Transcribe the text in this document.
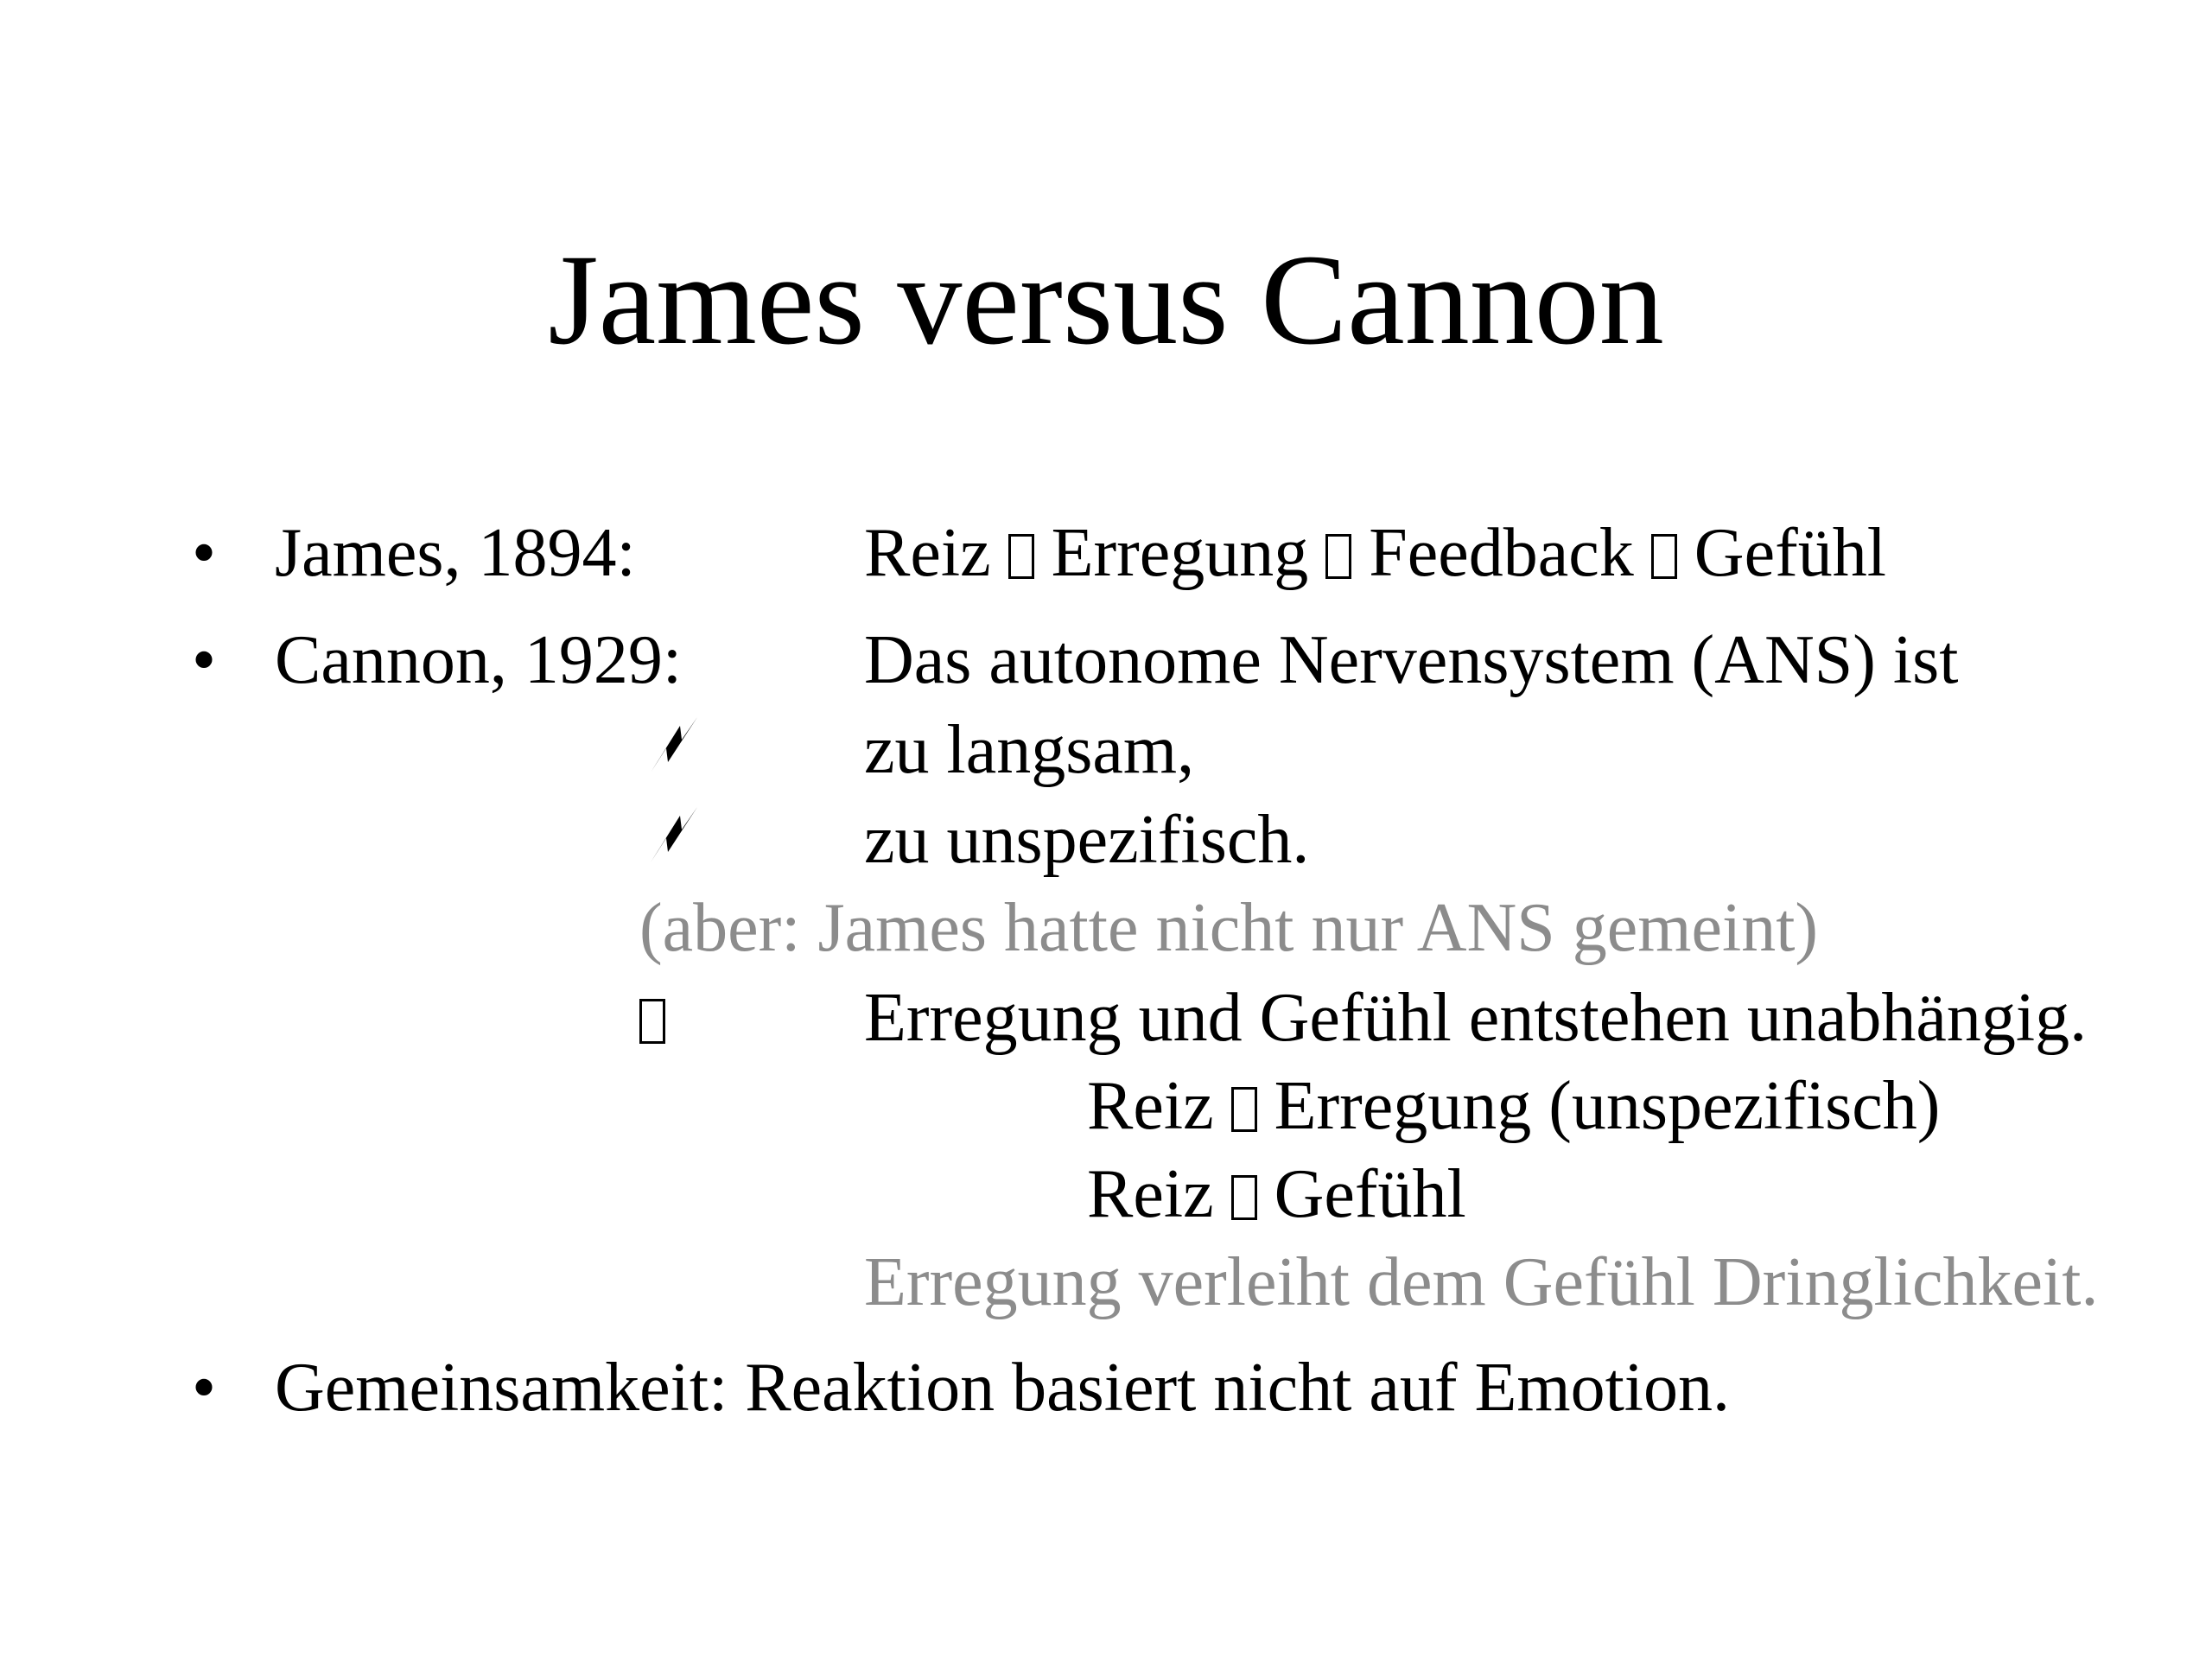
James versus Cannon
• James, 1894:	Reiz Erregung Feedback Gefühl
• Cannon, 1929:	Das autonome Nervensystem (ANS) ist
zu langsam,
zu unspezifisch.
(aber: James hatte nicht nur ANS gemeint)
Erregung und Gefühl entstehen unabhängig.
Reiz Erregung (unspezifisch)
Reiz Gefühl
Erregung verleiht dem Gefühl Dringlichkeit.
• Gemeinsamkeit: Reaktion basiert nicht auf Emotion.
